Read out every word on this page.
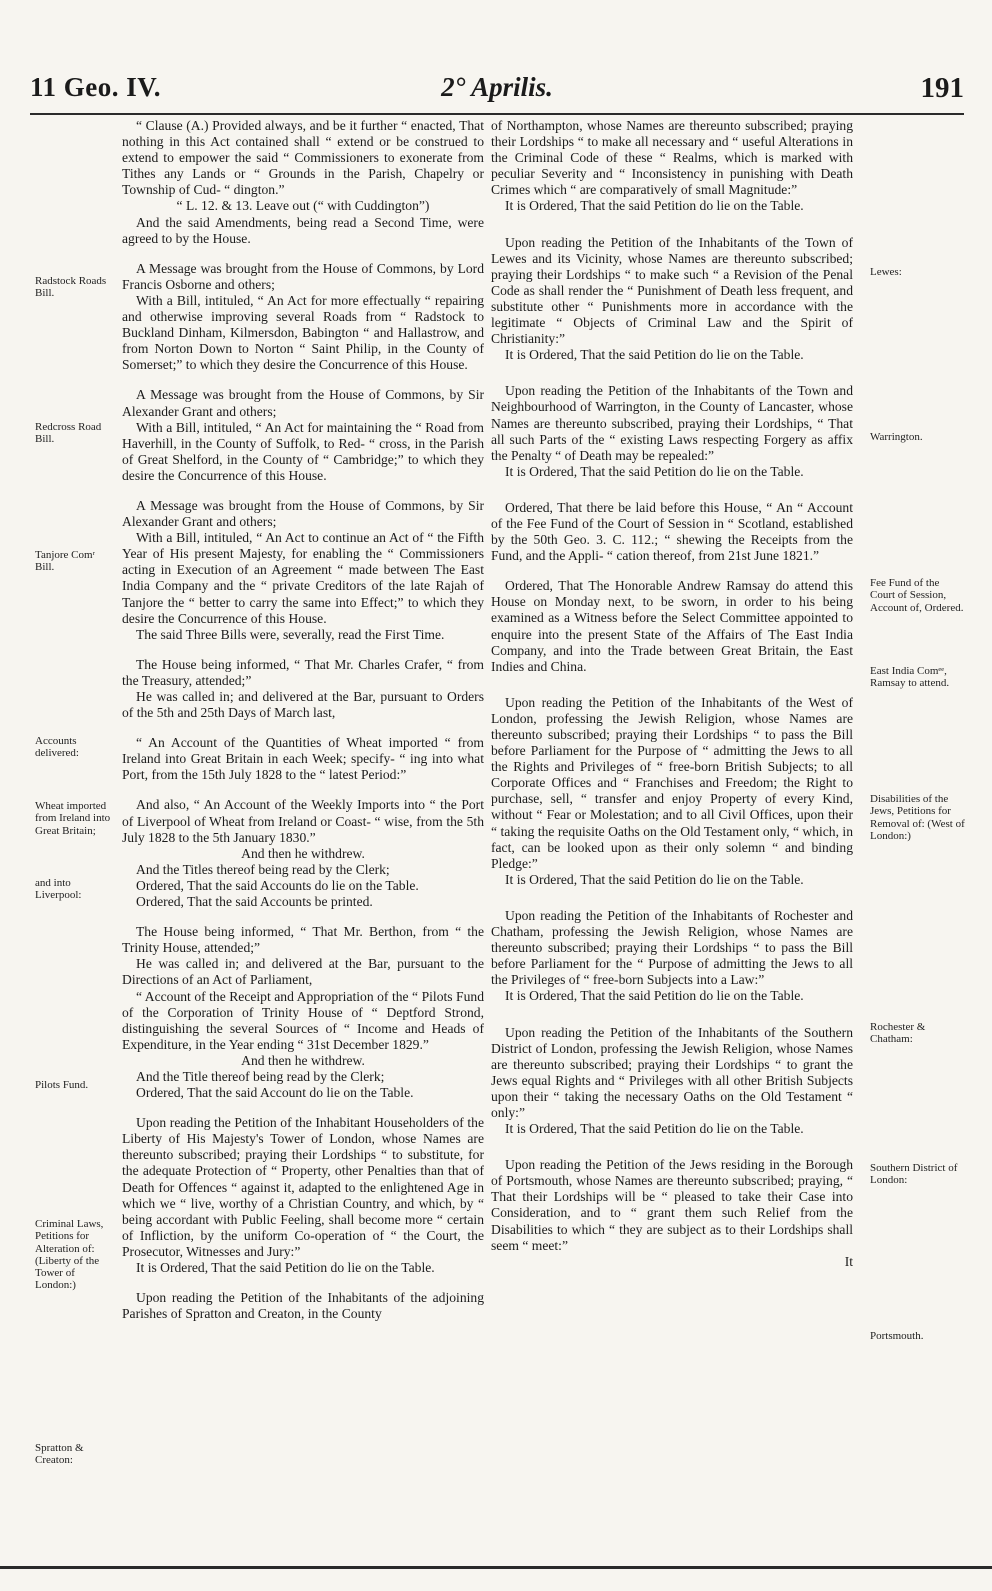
11 Geo. IV.	2° Aprilis.	191
Radstock Roads Bill.
Redcross Road Bill.
Tanjore Comʳ Bill.
Accounts delivered:
Wheat imported from Ireland into Great Britain;
and into Liverpool:
Pilots Fund.
Criminal Laws, Petitions for Alteration of: (Liberty of the Tower of London:)
Spratton & Creaton:
Lewes:
Warrington.
Fee Fund of the Court of Session, Account of, Ordered.
East India Comᵉᵉ, Ramsay to attend.
Disabilities of the Jews, Petitions for Removal of: (West of London:)
Rochester & Chatham:
Southern District of London:
Portsmouth.

“ Clause (A.) Provided always, and be it further “ enacted, That nothing in this Act contained shall “ extend or be construed to extend to empower the said “ Commissioners to exonerate from Tithes any Lands or “ Grounds in the Parish, Chapelry or Township of Cud- “ dington.”

“ L. 12. & 13. Leave out (“ with Cuddington”)

And the said Amendments, being read a Second Time, were agreed to by the House.

A Message was brought from the House of Commons, by Lord Francis Osborne and others;

With a Bill, intituled, “ An Act for more effectually “ repairing and otherwise improving several Roads from “ Radstock to Buckland Dinham, Kilmersdon, Babington “ and Hallastrow, and from Norton Down to Norton “ Saint Philip, in the County of Somerset;” to which they desire the Concurrence of this House.

A Message was brought from the House of Commons, by Sir Alexander Grant and others;

With a Bill, intituled, “ An Act for maintaining the “ Road from Haverhill, in the County of Suffolk, to Red- “ cross, in the Parish of Great Shelford, in the County of “ Cambridge;” to which they desire the Concurrence of this House.

A Message was brought from the House of Commons, by Sir Alexander Grant and others;

With a Bill, intituled, “ An Act to continue an Act of “ the Fifth Year of His present Majesty, for enabling the “ Commissioners acting in Execution of an Agreement “ made between The East India Company and the “ private Creditors of the late Rajah of Tanjore the “ better to carry the same into Effect;” to which they desire the Concurrence of this House.

The said Three Bills were, severally, read the First Time.

The House being informed, “ That Mr. Charles Crafer, “ from the Treasury, attended;”

He was called in; and delivered at the Bar, pursuant to Orders of the 5th and 25th Days of March last,

“ An Account of the Quantities of Wheat imported “ from Ireland into Great Britain in each Week; specify- “ ing into what Port, from the 15th July 1828 to the “ latest Period:”

And also, “ An Account of the Weekly Imports into “ the Port of Liverpool of Wheat from Ireland or Coast- “ wise, from the 5th July 1828 to the 5th January 1830.”

And then he withdrew.

And the Titles thereof being read by the Clerk;

Ordered, That the said Accounts do lie on the Table.

Ordered, That the said Accounts be printed.

The House being informed, “ That Mr. Berthon, from “ the Trinity House, attended;”

He was called in; and delivered at the Bar, pursuant to the Directions of an Act of Parliament,

“ Account of the Receipt and Appropriation of the “ Pilots Fund of the Corporation of Trinity House of “ Deptford Strond, distinguishing the several Sources of “ Income and Heads of Expenditure, in the Year ending “ 31st December 1829.”

And then he withdrew.

And the Title thereof being read by the Clerk;

Ordered, That the said Account do lie on the Table.

Upon reading the Petition of the Inhabitant Householders of the Liberty of His Majesty's Tower of London, whose Names are thereunto subscribed; praying their Lordships “ to substitute, for the adequate Protection of “ Property, other Penalties than that of Death for Offences “ against it, adapted to the enlightened Age in which we “ live, worthy of a Christian Country, and which, by “ being accordant with Public Feeling, shall become more “ certain of Infliction, by the uniform Co-operation of “ the Court, the Prosecutor, Witnesses and Jury:”

It is Ordered, That the said Petition do lie on the Table.

Upon reading the Petition of the Inhabitants of the adjoining Parishes of Spratton and Creaton, in the County

of Northampton, whose Names are thereunto subscribed; praying their Lordships “ to make all necessary and “ useful Alterations in the Criminal Code of these “ Realms, which is marked with peculiar Severity and “ Inconsistency in punishing with Death Crimes which “ are comparatively of small Magnitude:”

It is Ordered, That the said Petition do lie on the Table.

Upon reading the Petition of the Inhabitants of the Town of Lewes and its Vicinity, whose Names are thereunto subscribed; praying their Lordships “ to make such “ a Revision of the Penal Code as shall render the “ Punishment of Death less frequent, and substitute other “ Punishments more in accordance with the legitimate “ Objects of Criminal Law and the Spirit of Christianity:”

It is Ordered, That the said Petition do lie on the Table.

Upon reading the Petition of the Inhabitants of the Town and Neighbourhood of Warrington, in the County of Lancaster, whose Names are thereunto subscribed, praying their Lordships, “ That all such Parts of the “ existing Laws respecting Forgery as affix the Penalty “ of Death may be repealed:”

It is Ordered, That the said Petition do lie on the Table.

Ordered, That there be laid before this House, “ An “ Account of the Fee Fund of the Court of Session in “ Scotland, established by the 50th Geo. 3. C. 112.; “ shewing the Receipts from the Fund, and the Appli- “ cation thereof, from 21st June 1821.”

Ordered, That The Honorable Andrew Ramsay do attend this House on Monday next, to be sworn, in order to his being examined as a Witness before the Select Committee appointed to enquire into the present State of the Affairs of The East India Company, and into the Trade between Great Britain, the East Indies and China.

Upon reading the Petition of the Inhabitants of the West of London, professing the Jewish Religion, whose Names are thereunto subscribed; praying their Lordships “ to pass the Bill before Parliament for the Purpose of “ admitting the Jews to all the Rights and Privileges of “ free-born British Subjects; to all Corporate Offices and “ Franchises and Freedom; the Right to purchase, sell, “ transfer and enjoy Property of every Kind, without “ Fear or Molestation; and to all Civil Offices, upon their “ taking the requisite Oaths on the Old Testament only, “ which, in fact, can be looked upon as their only solemn “ and binding Pledge:”

It is Ordered, That the said Petition do lie on the Table.

Upon reading the Petition of the Inhabitants of Rochester and Chatham, professing the Jewish Religion, whose Names are thereunto subscribed; praying their Lordships “ to pass the Bill before Parliament for the “ Purpose of admitting the Jews to all the Privileges of “ free-born Subjects into a Law:”

It is Ordered, That the said Petition do lie on the Table.

Upon reading the Petition of the Inhabitants of the Southern District of London, professing the Jewish Religion, whose Names are thereunto subscribed; praying their Lordships “ to grant the Jews equal Rights and “ Privileges with all other British Subjects upon their “ taking the necessary Oaths on the Old Testament “ only:”

It is Ordered, That the said Petition do lie on the Table.

Upon reading the Petition of the Jews residing in the Borough of Portsmouth, whose Names are thereunto subscribed; praying, “ That their Lordships will be “ pleased to take their Case into Consideration, and to “ grant them such Relief from the Disabilities to which “ they are subject as to their Lordships shall seem “ meet:”

It
